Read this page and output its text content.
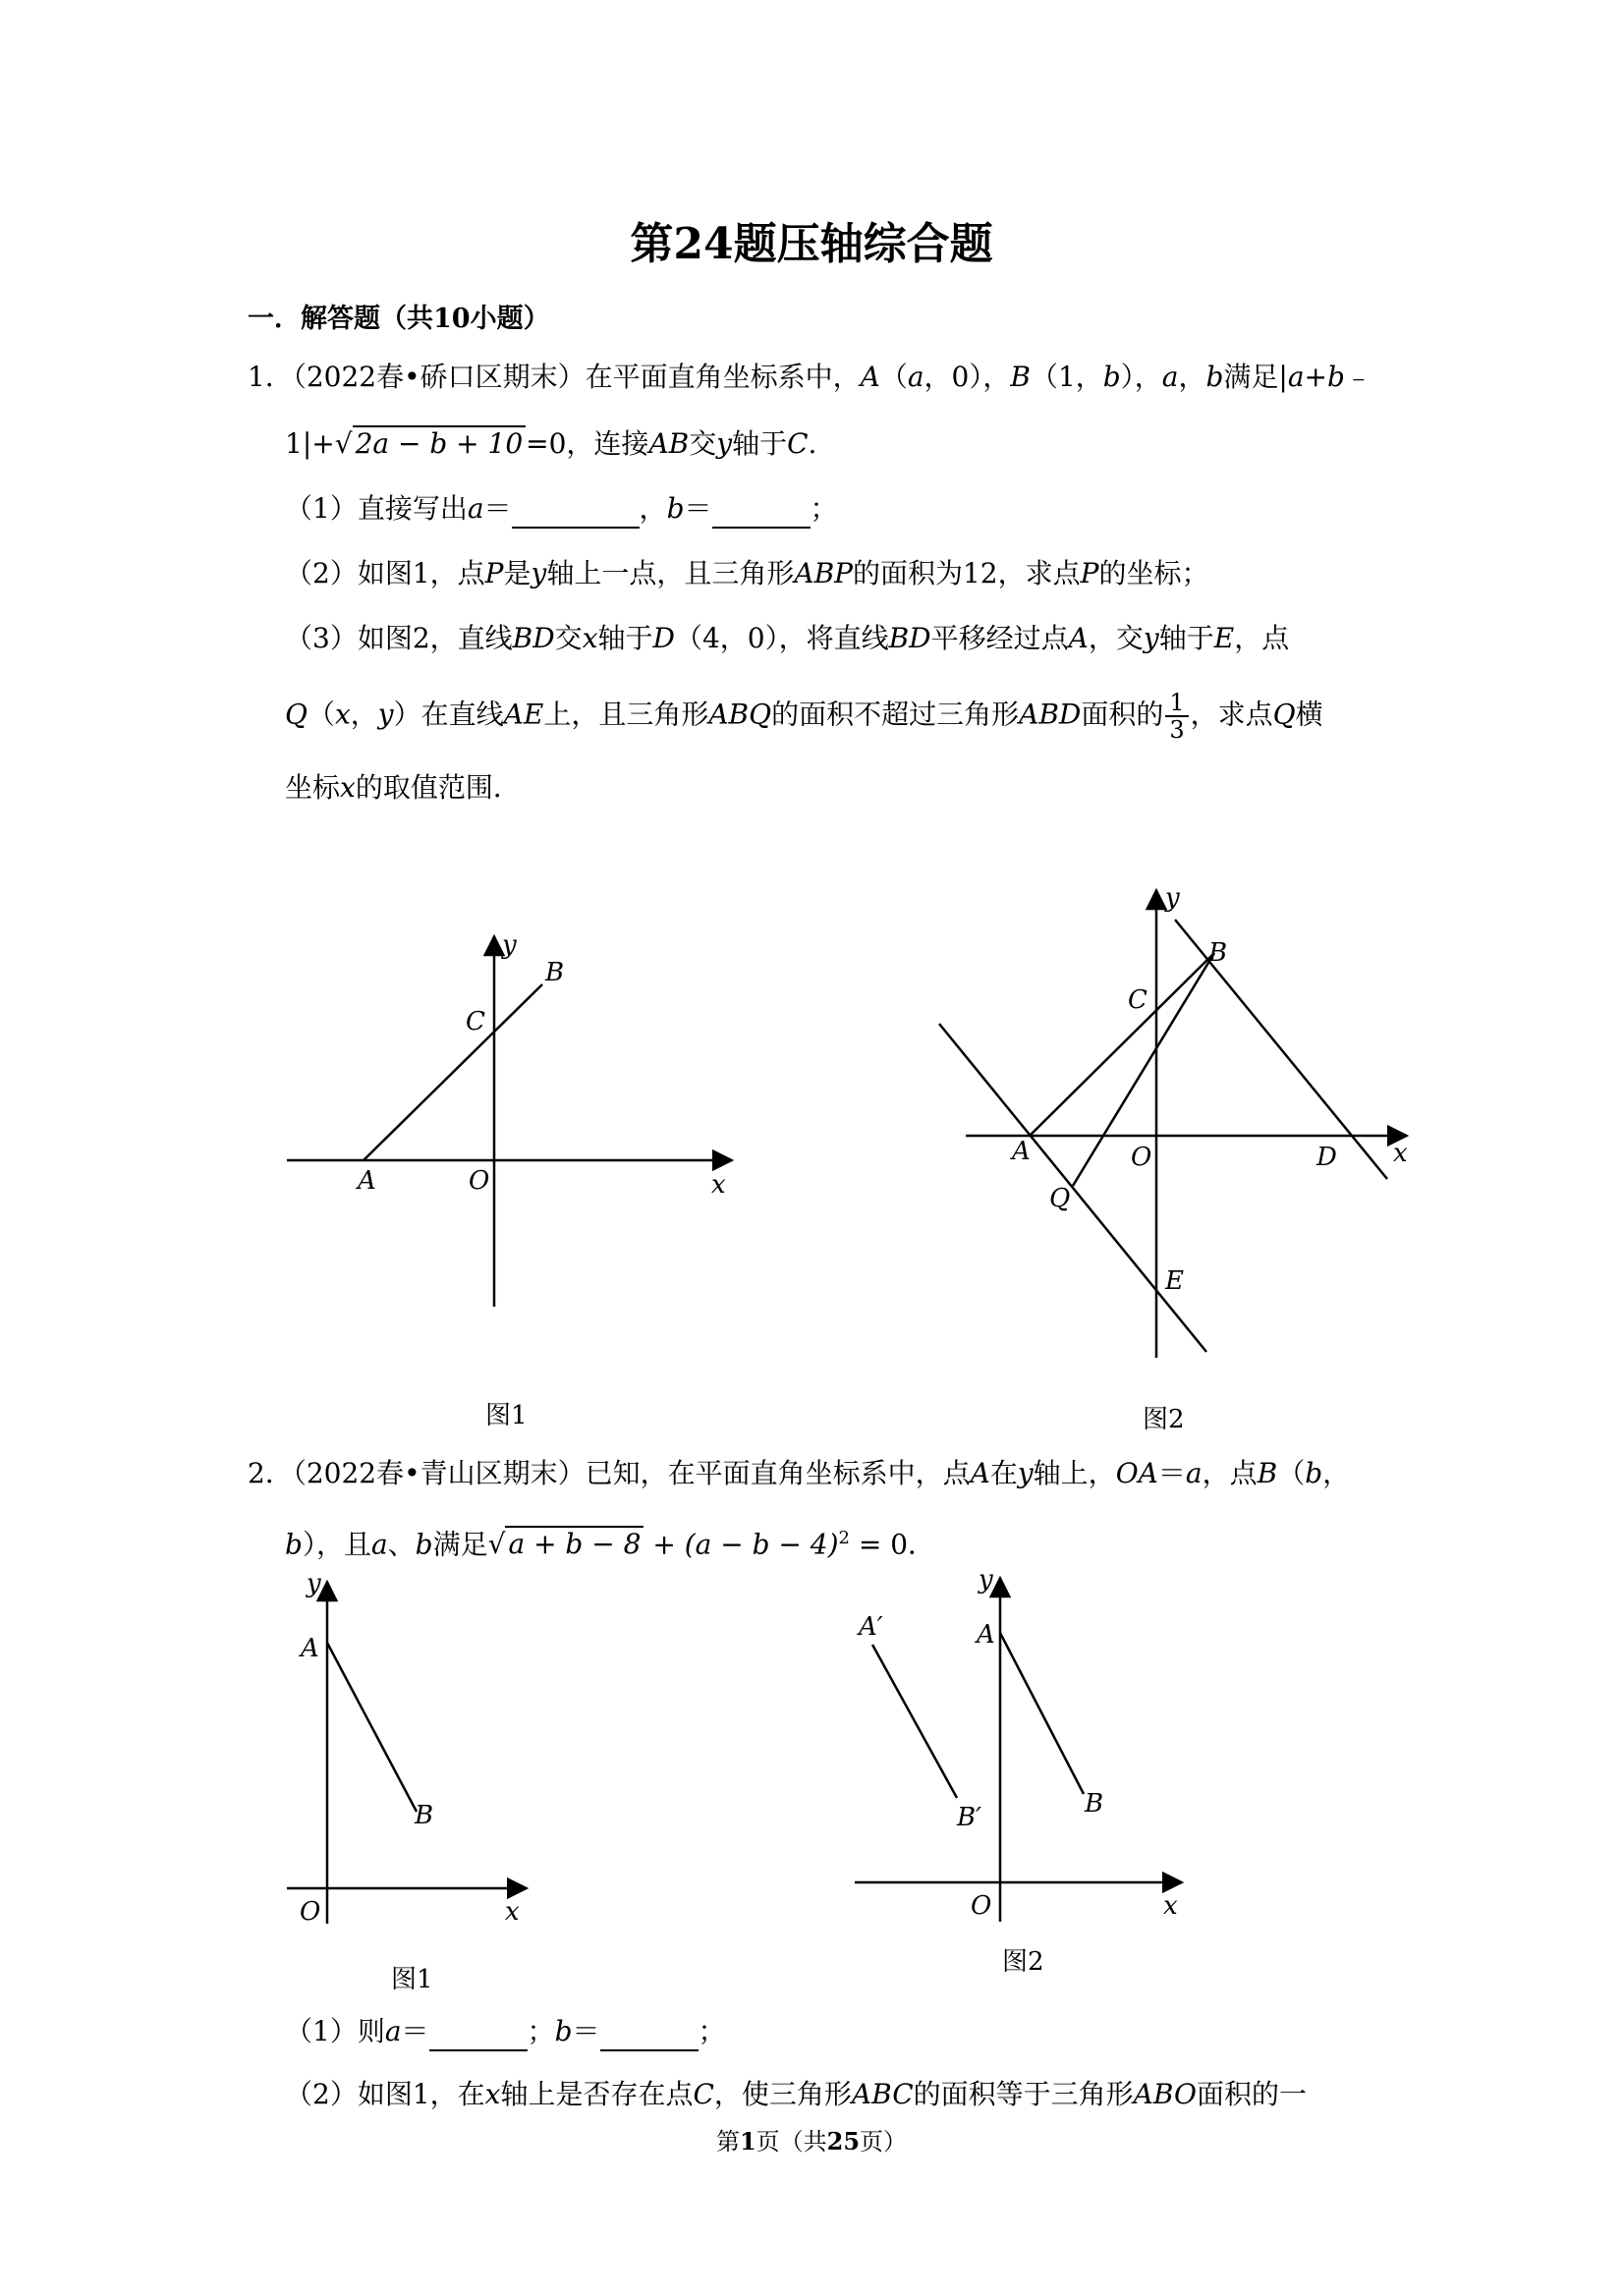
第24题压轴综合题
一．解答题（共10小题）
1．（2022春•硚口区期末）在平面直角坐标系中，A（a，0），B（1，b），a，b满足|a+b﹣
1|+√ 2a − b + 10 =0，连接AB交y轴于C.
（1）直接写出a＝	，b＝	；
（2）如图1，点P是y轴上一点，且三角形ABP的面积为12，求点P的坐标；
（3）如图2，直线BD交x轴于D（4，0），将直线BD平移经过点A，交y轴于E，点
Q（x，y）在直线AE上，且三角形ABQ的面积不超过三角形ABD面积的 $\frac{1}{3}$ ，求点Q横
坐标x的取值范围．
y
B
C
A	O	x
图1
y
B
C
A	O	D x
Q
E
图2
2．（2022春•青山区期末）已知，在平面直角坐标系中，点A在y轴上，OA＝a，点B（b，
b），且a、b满足√ $a + b - 8 + (a - b - 4)^2 = 0$．
y
A
B
O	x
图1
y
A′	A
B′	B
O	x
图2
（1）则a＝	；b＝	；
（2）如图1，在x轴上是否存在点C，使三角形ABC的面积等于三角形ABO面积的一
第1页（共25页）
